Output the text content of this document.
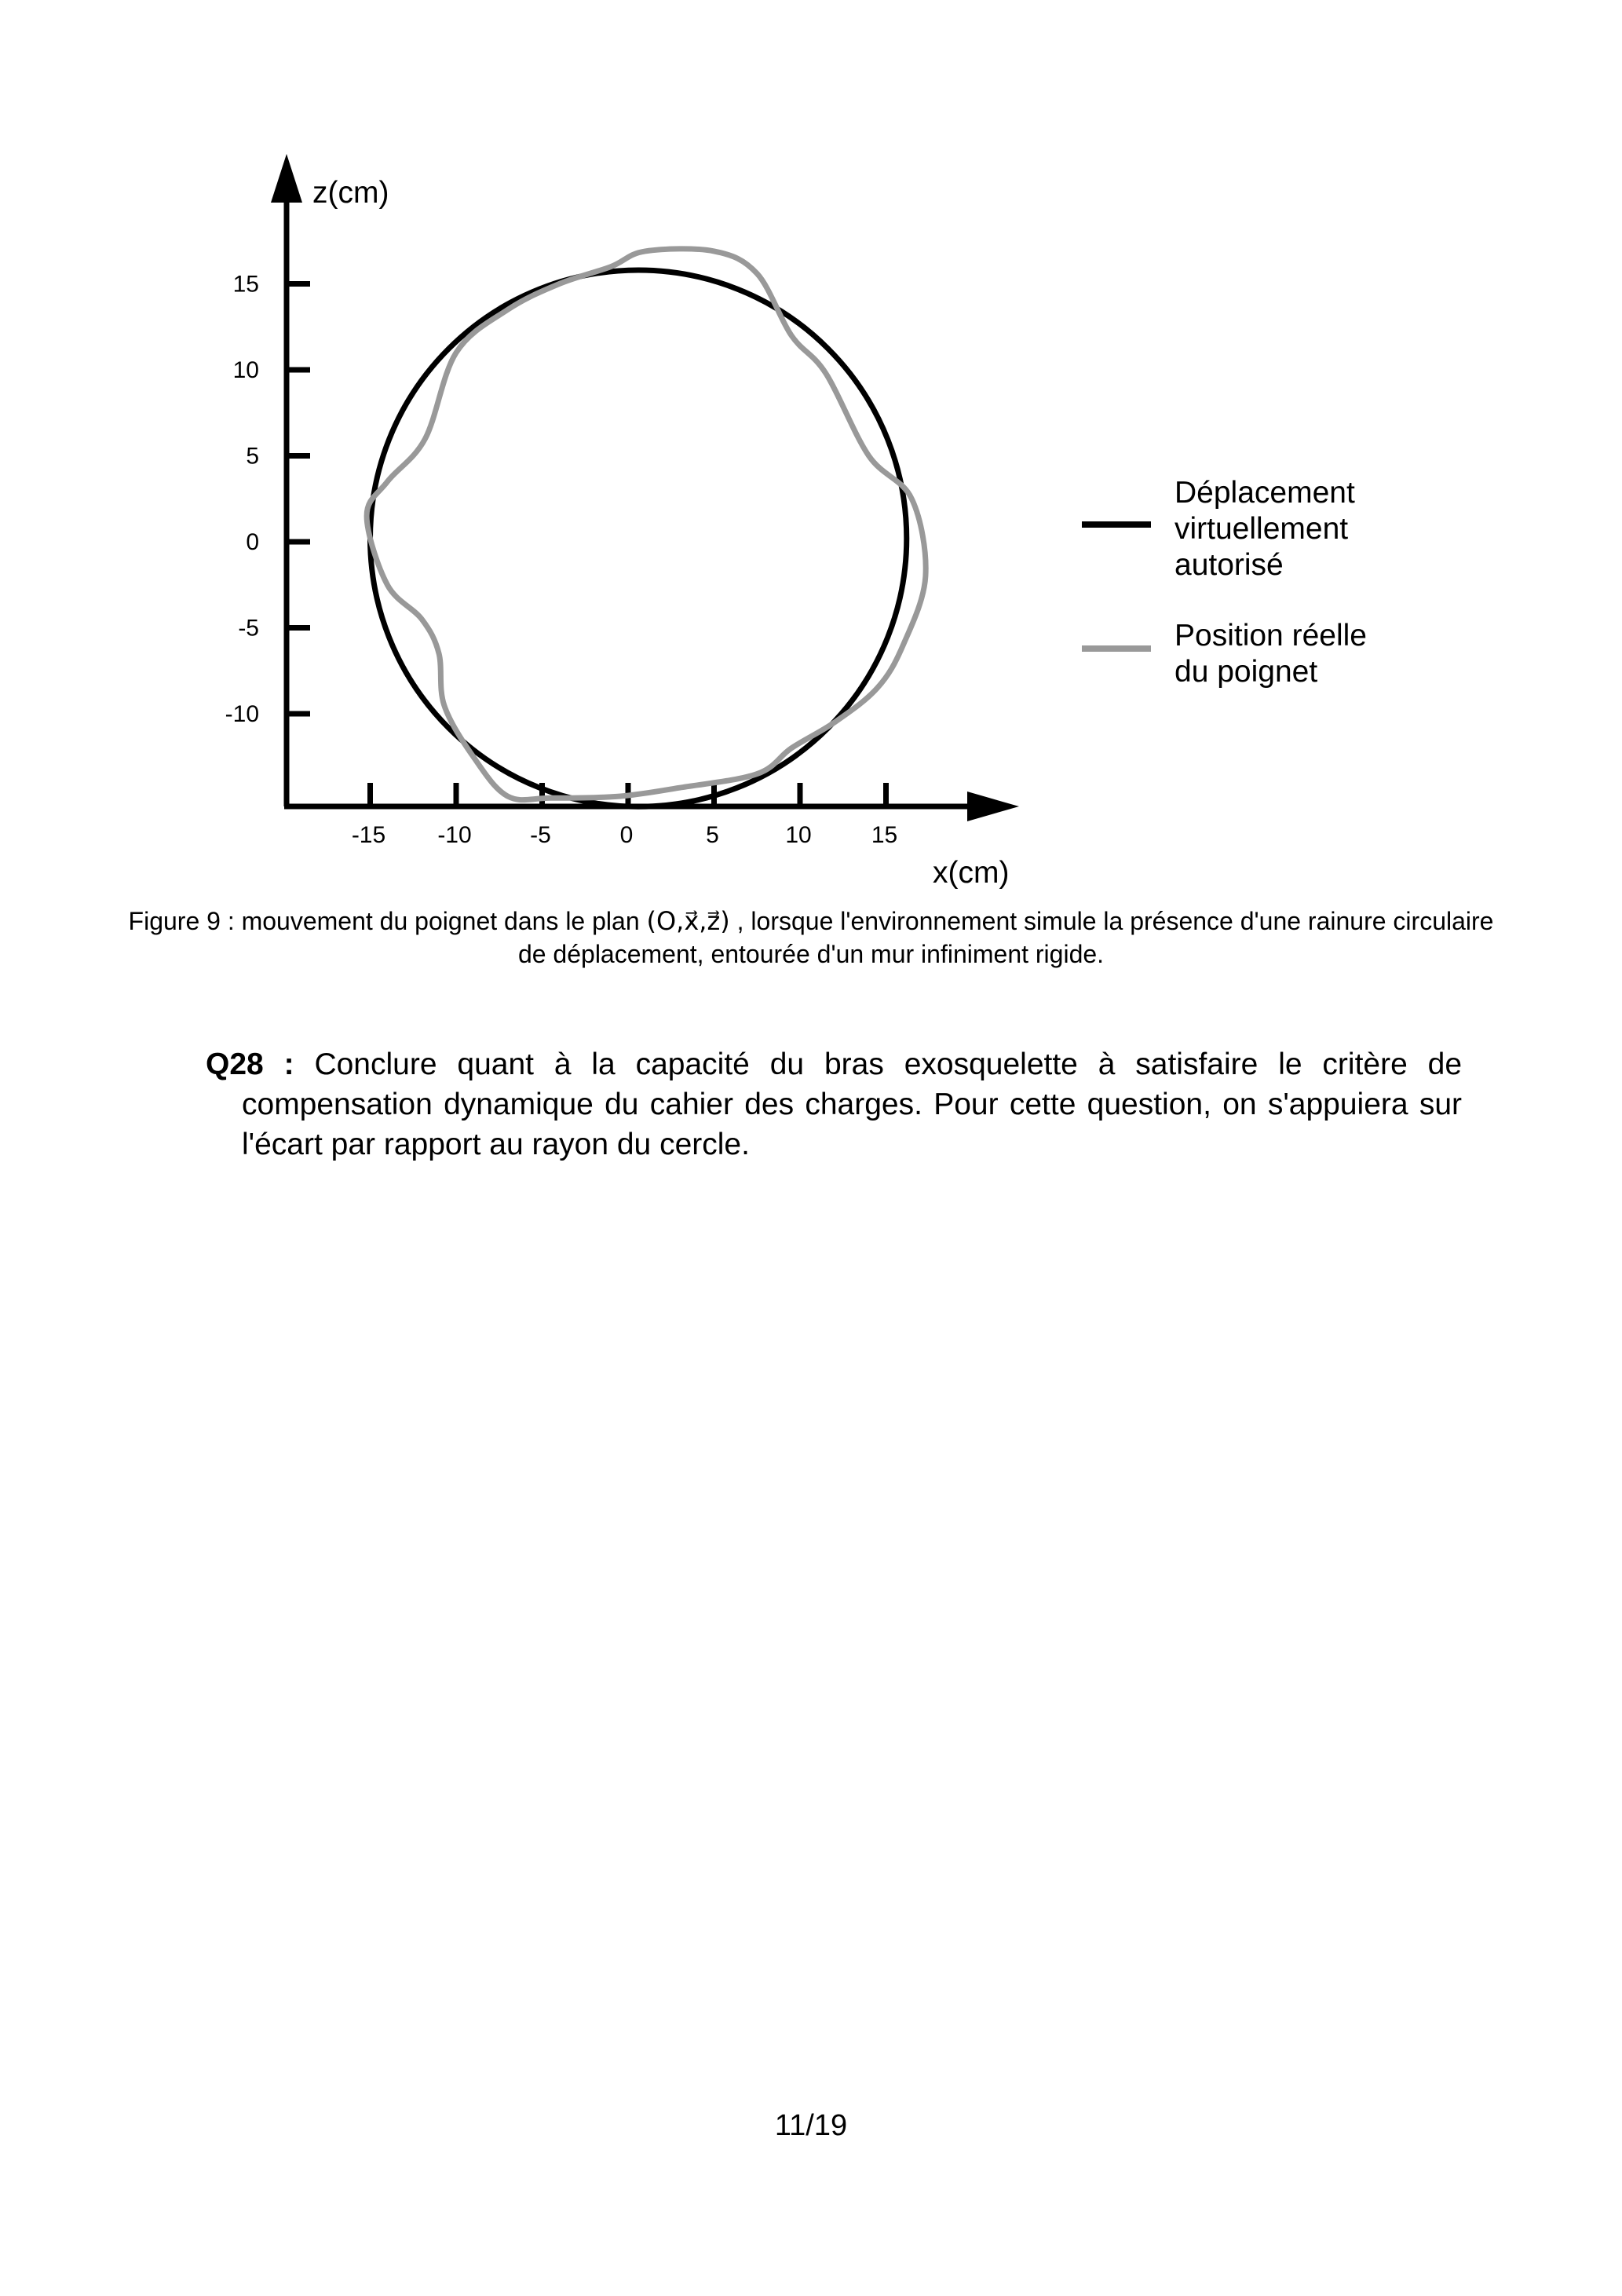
-15 -10 -5	0	5	10	15
15
10
5
0
-5
-10
z(cm)
x(cm)
Déplacement
virtuellement
autorisé
Position réelle
du poignet
Figure 9 : mouvement du poignet dans le plan (O,x⃗,z⃗) , lorsque l'environnement simule la présence d'une rainure circulaire de déplacement, entourée d'un mur infiniment rigide.
Q28 : Conclure quant à la capacité du bras exosquelette à satisfaire le critère de compensation dynamique du cahier des charges. Pour cette question, on s'appuiera sur l'écart par rapport au rayon du cercle.
11/19
